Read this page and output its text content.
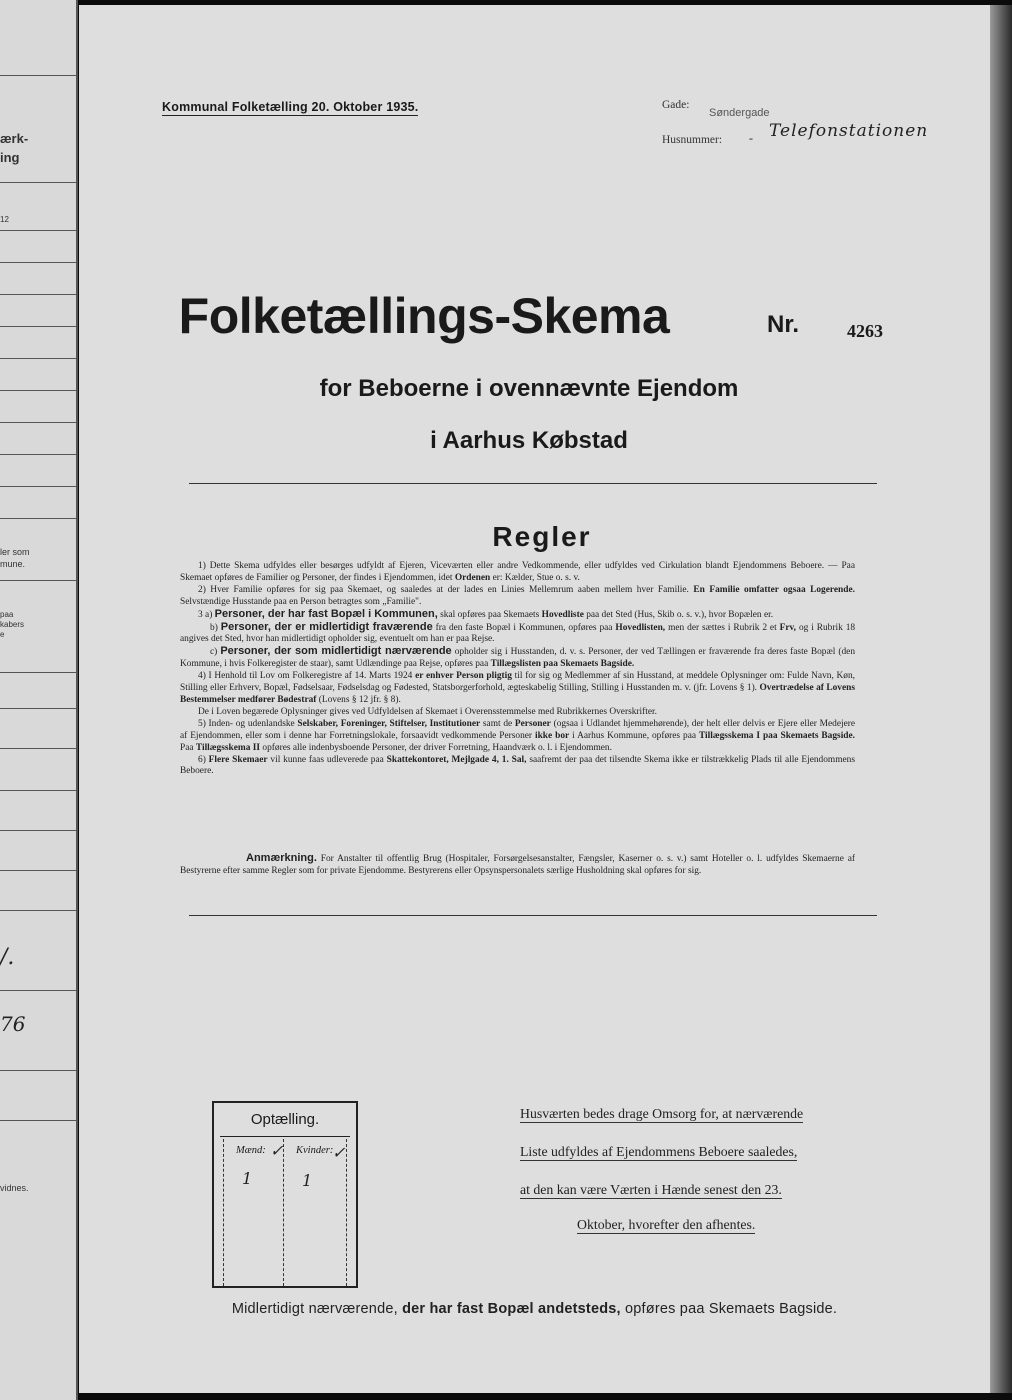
ærk-
ing
12
ler som
mune.
paa
kabers
e
/.
76
vidnes.
Kommunal Folketælling 20. Oktober 1935.	Gade:
Søndergade
Husnummer: - Telefonstationen
Folketællings-Skema	Nr.	4263
for Beboerne i ovennævnte Ejendom
i Aarhus Købstad
Regler

1) Dette Skema udfyldes eller besørges udfyldt af Ejeren, Viceværten eller andre Vedkommende, eller udfyldes ved Cirkulation blandt Ejendommens Beboere. — Paa Skemaet opføres de Familier og Personer, der findes i Ejendommen, idet Ordenen er: Kælder, Stue o. s. v.

2) Hver Familie opføres for sig paa Skemaet, og saaledes at der lades en Linies Mellemrum aaben mellem hver Familie. En Familie omfatter ogsaa Logerende. Selvstændige Husstande paa en Person betragtes som „Familie".

3 a) Personer, der har fast Bopæl i Kommunen, skal opføres paa Skemaets Hovedliste paa det Sted (Hus, Skib o. s. v.), hvor Bopælen er.

b) Personer, der er midlertidigt fraværende fra den faste Bopæl i Kommunen, opføres paa Hovedlisten, men der sættes i Rubrik 2 et Frv, og i Rubrik 18 angives det Sted, hvor han midlertidigt opholder sig, eventuelt om han er paa Rejse.

c) Personer, der som midlertidigt nærværende opholder sig i Husstanden, d. v. s. Personer, der ved Tællingen er fraværende fra deres faste Bopæl (den Kommune, i hvis Folkeregister de staar), samt Udlændinge paa Rejse, opføres paa Tillægslisten paa Skemaets Bagside.

4) I Henhold til Lov om Folkeregistre af 14. Marts 1924 er enhver Person pligtig til for sig og Medlemmer af sin Husstand, at meddele Oplysninger om: Fulde Navn, Køn, Stilling eller Erhverv, Bopæl, Fødselsaar, Fødselsdag og Fødested, Statsborgerforhold, ægteskabelig Stilling, Stilling i Husstanden m. v. (jfr. Lovens § 1). Overtrædelse af Lovens Bestemmelser medfører Bødestraf (Lovens § 12 jfr. § 8).

De i Loven begærede Oplysninger gives ved Udfyldelsen af Skemaet i Overensstemmelse med Rubrikkernes Overskrifter.

5) Inden- og udenlandske Selskaber, Foreninger, Stiftelser, Institutioner samt de Personer (ogsaa i Udlandet hjemmehørende), der helt eller delvis er Ejere eller Medejere af Ejendommen, eller som i denne har Forretningslokale, forsaavidt vedkommende Personer ikke bor i Aarhus Kommune, opføres paa Tillægsskema I paa Skemaets Bagside. Paa Tillægsskema II opføres alle indenbysboende Personer, der driver Forretning, Haandværk o. l. i Ejendommen.

6) Flere Skemaer vil kunne faas udleverede paa Skattekontoret, Mejlgade 4, 1. Sal, saafremt der paa det tilsendte Skema ikke er tilstrækkelig Plads til alle Ejendommens Beboere.

Anmærkning. For Anstalter til offentlig Brug (Hospitaler, Forsørgelsesanstalter, Fængsler, Kaserner o. s. v.) samt Hoteller o. l. udfyldes Skemaerne af Bestyrerne efter samme Regler som for private Ejendomme. Bestyrerens eller Opsynspersonalets særlige Husholdning skal opføres for sig.

Optælling.
Mænd:	Kvinder:
✓	✓
1	1
Husværten bedes drage Omsorg for, at nærværende
Liste udfyldes af Ejendommens Beboere saaledes,
at den kan være Værten i Hænde senest den 23.
Oktober, hvorefter den afhentes.
Midlertidigt nærværende, der har fast Bopæl andetsteds, opføres paa Skemaets Bagside.
